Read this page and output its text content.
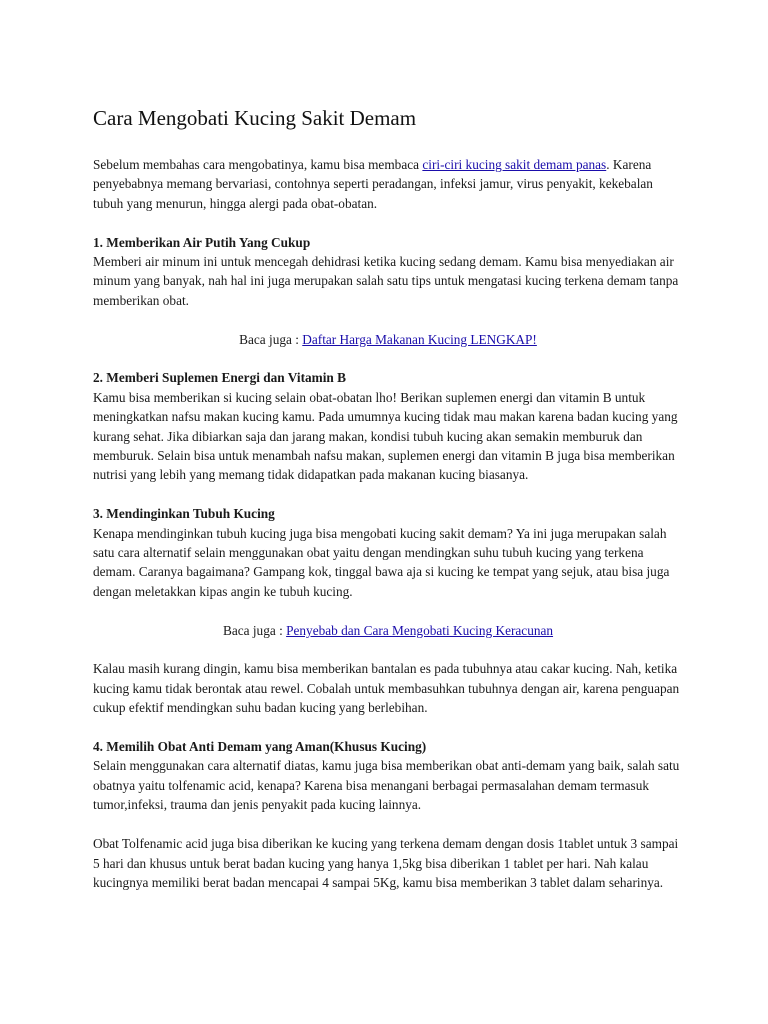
Cara Mengobati Kucing Sakit Demam

Sebelum membahas cara mengobatinya, kamu bisa membaca ciri-ciri kucing sakit demam panas. Karena penyebabnya memang bervariasi, contohnya seperti peradangan, infeksi jamur, virus penyakit, kekebalan tubuh yang menurun, hingga alergi pada obat-obatan.

1. Memberikan Air Putih Yang Cukup

Memberi air minum ini untuk mencegah dehidrasi ketika kucing sedang demam. Kamu bisa menyediakan air minum yang banyak, nah hal ini juga merupakan salah satu tips untuk mengatasi kucing terkena demam tanpa memberikan obat.

Baca juga : Daftar Harga Makanan Kucing LENGKAP!

2. Memberi Suplemen Energi dan Vitamin B

Kamu bisa memberikan si kucing selain obat-obatan lho! Berikan suplemen energi dan vitamin B untuk meningkatkan nafsu makan kucing kamu. Pada umumnya kucing tidak mau makan karena badan kucing yang kurang sehat. Jika dibiarkan saja dan jarang makan, kondisi tubuh kucing akan semakin memburuk dan memburuk. Selain bisa untuk menambah nafsu makan, suplemen energi dan vitamin B juga bisa memberikan nutrisi yang lebih yang memang tidak didapatkan pada makanan kucing biasanya.

3. Mendinginkan Tubuh Kucing

Kenapa mendinginkan tubuh kucing juga bisa mengobati kucing sakit demam? Ya ini juga merupakan salah satu cara alternatif selain menggunakan obat yaitu dengan mendingkan suhu tubuh kucing yang terkena demam. Caranya bagaimana? Gampang kok, tinggal bawa aja si kucing ke tempat yang sejuk, atau bisa juga dengan meletakkan kipas angin ke tubuh kucing.

Baca juga : Penyebab dan Cara Mengobati Kucing Keracunan

Kalau masih kurang dingin, kamu bisa memberikan bantalan es pada tubuhnya atau cakar kucing. Nah, ketika kucing kamu tidak berontak atau rewel. Cobalah untuk membasuhkan tubuhnya dengan air, karena penguapan cukup efektif mendingkan suhu badan kucing yang berlebihan.

4. Memilih Obat Anti Demam yang Aman(Khusus Kucing)

Selain menggunakan cara alternatif diatas, kamu juga bisa memberikan obat anti-demam yang baik, salah satu obatnya yaitu tolfenamic acid, kenapa? Karena bisa menangani berbagai permasalahan demam termasuk tumor,infeksi, trauma dan jenis penyakit pada kucing lainnya.

Obat Tolfenamic acid juga bisa diberikan ke kucing yang terkena demam dengan dosis 1tablet untuk 3 sampai 5 hari dan khusus untuk berat badan kucing yang hanya 1,5kg bisa diberikan 1 tablet per hari. Nah kalau kucingnya memiliki berat badan mencapai 4 sampai 5Kg, kamu bisa memberikan 3 tablet dalam seharinya.
